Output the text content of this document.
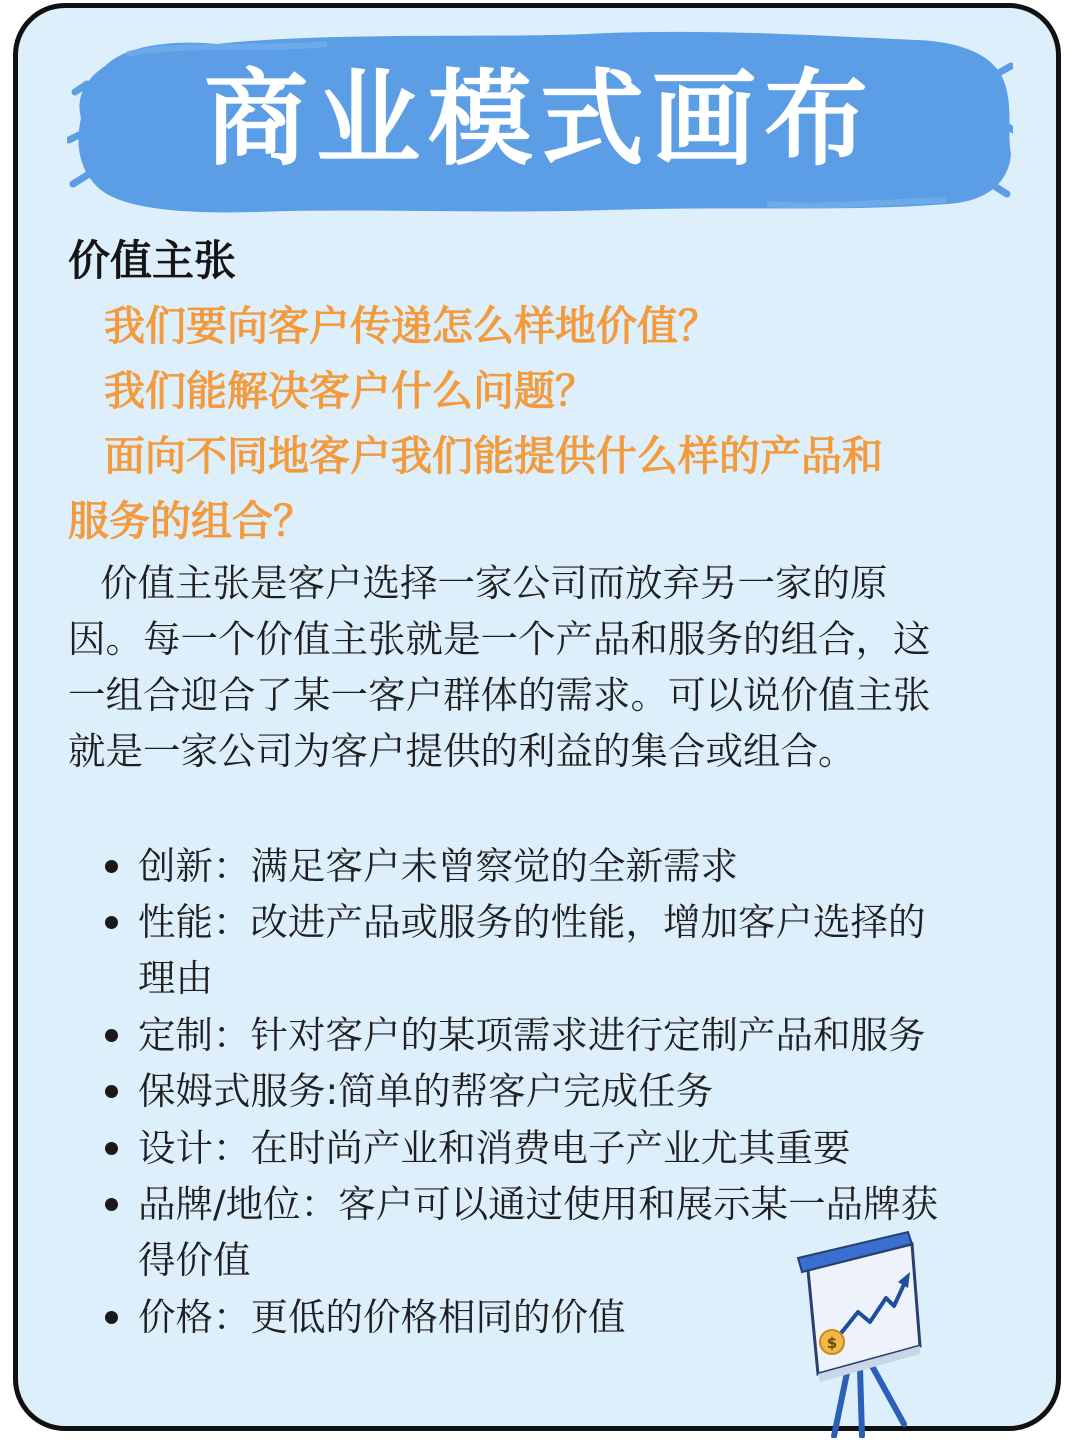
商业模式画布
价值主张
我们要向客户传递怎么样地价值？
我们能解决客户什么问题？
面向不同地客户我们能提供什么样的产品和
服务的组合？
价值主张是客户选择一家公司而放弃另一家的原
因。每一个价值主张就是一个产品和服务的组合，这
一组合迎合了某一客户群体的需求。可以说价值主张
就是一家公司为客户提供的利益的集合或组合。
创新：满足客户未曾察觉的全新需求
性能：改进产品或服务的性能，增加客户选择的
理由
定制：针对客户的某项需求进行定制产品和服务
保姆式服务:简单的帮客户完成任务
设计：在时尚产业和消费电子产业尤其重要
品牌/地位：客户可以通过使用和展示某一品牌获
得价值
价格：更低的价格相同的价值
$
